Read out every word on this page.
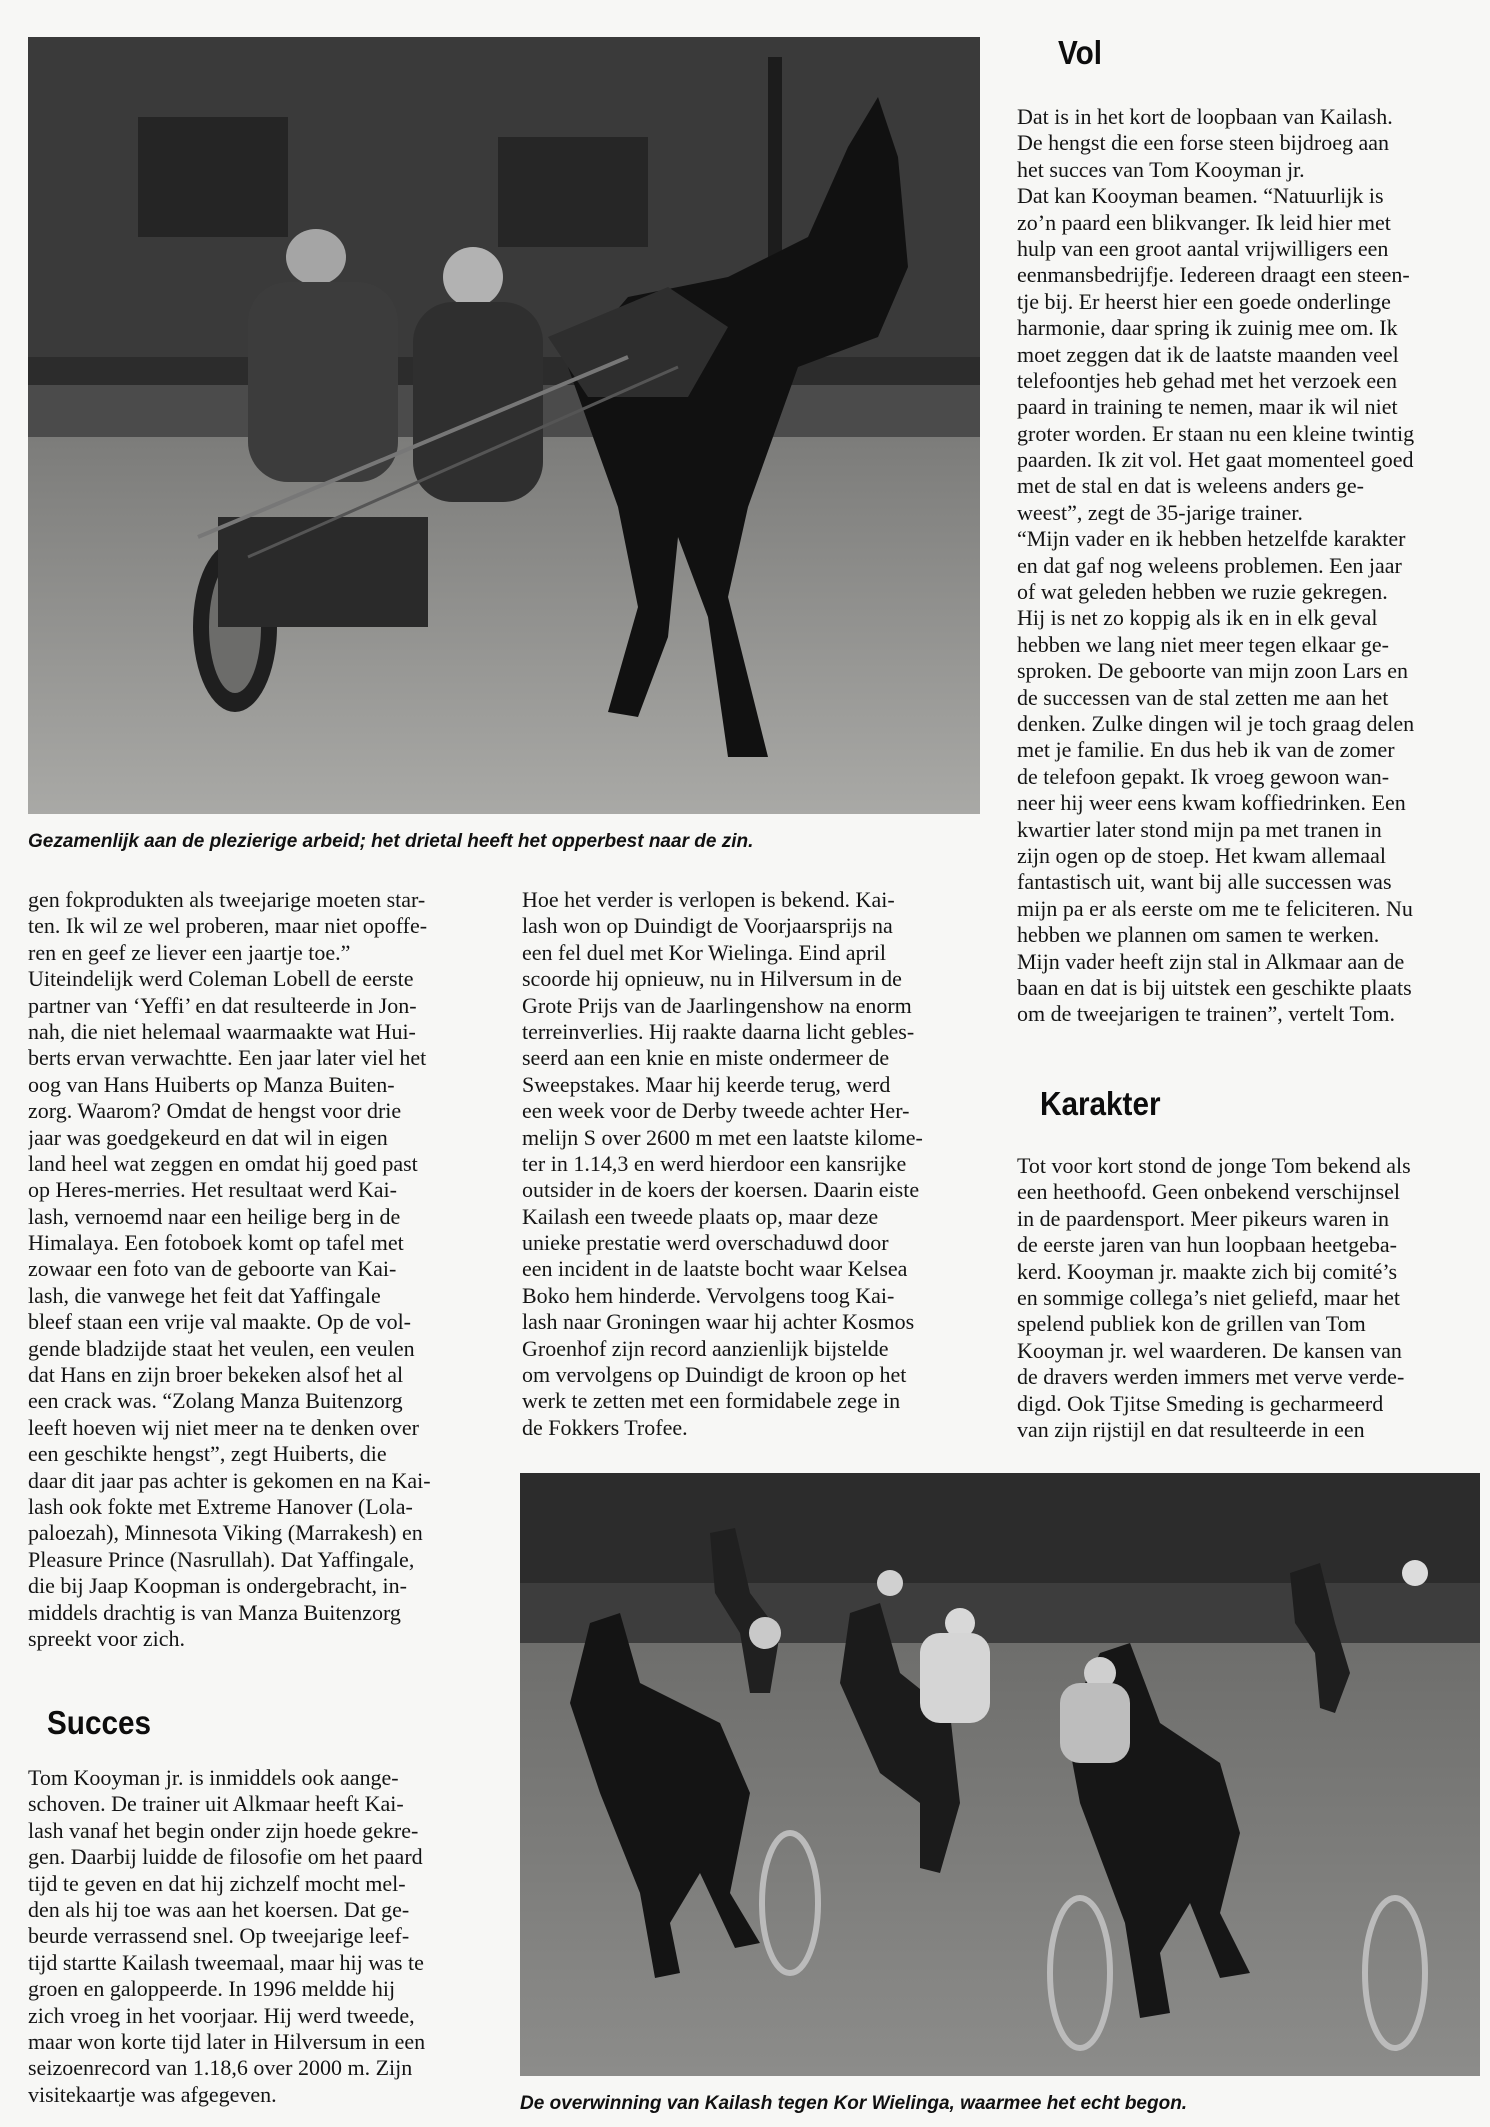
Gezamenlijk aan de plezierige arbeid; het drietal heeft het opperbest naar de zin.
gen fokprodukten als tweejarige moeten star-
ten. Ik wil ze wel proberen, maar niet opoffe-
ren en geef ze liever een jaartje toe.”
Uiteindelijk werd Coleman Lobell de eerste
partner van ‘Yeffi’ en dat resulteerde in Jon-
nah, die niet helemaal waarmaakte wat Hui-
berts ervan verwachtte. Een jaar later viel het
oog van Hans Huiberts op Manza Buiten-
zorg. Waarom? Omdat de hengst voor drie
jaar was goedgekeurd en dat wil in eigen
land heel wat zeggen en omdat hij goed past
op Heres-merries. Het resultaat werd Kai-
lash, vernoemd naar een heilige berg in de
Himalaya. Een fotoboek komt op tafel met
zowaar een foto van de geboorte van Kai-
lash, die vanwege het feit dat Yaffingale
bleef staan een vrije val maakte. Op de vol-
gende bladzijde staat het veulen, een veulen
dat Hans en zijn broer bekeken alsof het al
een crack was. “Zolang Manza Buitenzorg
leeft hoeven wij niet meer na te denken over
een geschikte hengst”, zegt Huiberts, die
daar dit jaar pas achter is gekomen en na Kai-
lash ook fokte met Extreme Hanover (Lola-
paloezah), Minnesota Viking (Marrakesh) en
Pleasure Prince (Nasrullah). Dat Yaffingale,
die bij Jaap Koopman is ondergebracht, in-
middels drachtig is van Manza Buitenzorg
spreekt voor zich.
Succes
Tom Kooyman jr. is inmiddels ook aange-
schoven. De trainer uit Alkmaar heeft Kai-
lash vanaf het begin onder zijn hoede gekre-
gen. Daarbij luidde de filosofie om het paard
tijd te geven en dat hij zichzelf mocht mel-
den als hij toe was aan het koersen. Dat ge-
beurde verrassend snel. Op tweejarige leef-
tijd startte Kailash tweemaal, maar hij was te
groen en galoppeerde. In 1996 meldde hij
zich vroeg in het voorjaar. Hij werd tweede,
maar won korte tijd later in Hilversum in een
seizoenrecord van 1.18,6 over 2000 m. Zijn
visitekaartje was afgegeven.
Hoe het verder is verlopen is bekend. Kai-
lash won op Duindigt de Voorjaarsprijs na
een fel duel met Kor Wielinga. Eind april
scoorde hij opnieuw, nu in Hilversum in de
Grote Prijs van de Jaarlingenshow na enorm
terreinverlies. Hij raakte daarna licht gebles-
seerd aan een knie en miste ondermeer de
Sweepstakes. Maar hij keerde terug, werd
een week voor de Derby tweede achter Her-
melijn S over 2600 m met een laatste kilome-
ter in 1.14,3 en werd hierdoor een kansrijke
outsider in de koers der koersen. Daarin eiste
Kailash een tweede plaats op, maar deze
unieke prestatie werd overschaduwd door
een incident in de laatste bocht waar Kelsea
Boko hem hinderde. Vervolgens toog Kai-
lash naar Groningen waar hij achter Kosmos
Groenhof zijn record aanzienlijk bijstelde
om vervolgens op Duindigt de kroon op het
werk te zetten met een formidabele zege in
de Fokkers Trofee.
Vol
Dat is in het kort de loopbaan van Kailash.
De hengst die een forse steen bijdroeg aan
het succes van Tom Kooyman jr.
Dat kan Kooyman beamen. “Natuurlijk is
zo’n paard een blikvanger. Ik leid hier met
hulp van een groot aantal vrijwilligers een
eenmansbedrijfje. Iedereen draagt een steen-
tje bij. Er heerst hier een goede onderlinge
harmonie, daar spring ik zuinig mee om. Ik
moet zeggen dat ik de laatste maanden veel
telefoontjes heb gehad met het verzoek een
paard in training te nemen, maar ik wil niet
groter worden. Er staan nu een kleine twintig
paarden. Ik zit vol. Het gaat momenteel goed
met de stal en dat is weleens anders ge-
weest”, zegt de 35-jarige trainer.
“Mijn vader en ik hebben hetzelfde karakter
en dat gaf nog weleens problemen. Een jaar
of wat geleden hebben we ruzie gekregen.
Hij is net zo koppig als ik en in elk geval
hebben we lang niet meer tegen elkaar ge-
sproken. De geboorte van mijn zoon Lars en
de successen van de stal zetten me aan het
denken. Zulke dingen wil je toch graag delen
met je familie. En dus heb ik van de zomer
de telefoon gepakt. Ik vroeg gewoon wan-
neer hij weer eens kwam koffiedrinken. Een
kwartier later stond mijn pa met tranen in
zijn ogen op de stoep. Het kwam allemaal
fantastisch uit, want bij alle successen was
mijn pa er als eerste om me te feliciteren. Nu
hebben we plannen om samen te werken.
Mijn vader heeft zijn stal in Alkmaar aan de
baan en dat is bij uitstek een geschikte plaats
om de tweejarigen te trainen”, vertelt Tom.
Karakter
Tot voor kort stond de jonge Tom bekend als
een heethoofd. Geen onbekend verschijnsel
in de paardensport. Meer pikeurs waren in
de eerste jaren van hun loopbaan heetgeba-
kerd. Kooyman jr. maakte zich bij comité’s
en sommige collega’s niet geliefd, maar het
spelend publiek kon de grillen van Tom
Kooyman jr. wel waarderen. De kansen van
de dravers werden immers met verve verde-
digd. Ook Tjitse Smeding is gecharmeerd
van zijn rijstijl en dat resulteerde in een
De overwinning van Kailash tegen Kor Wielinga, waarmee het echt begon.
